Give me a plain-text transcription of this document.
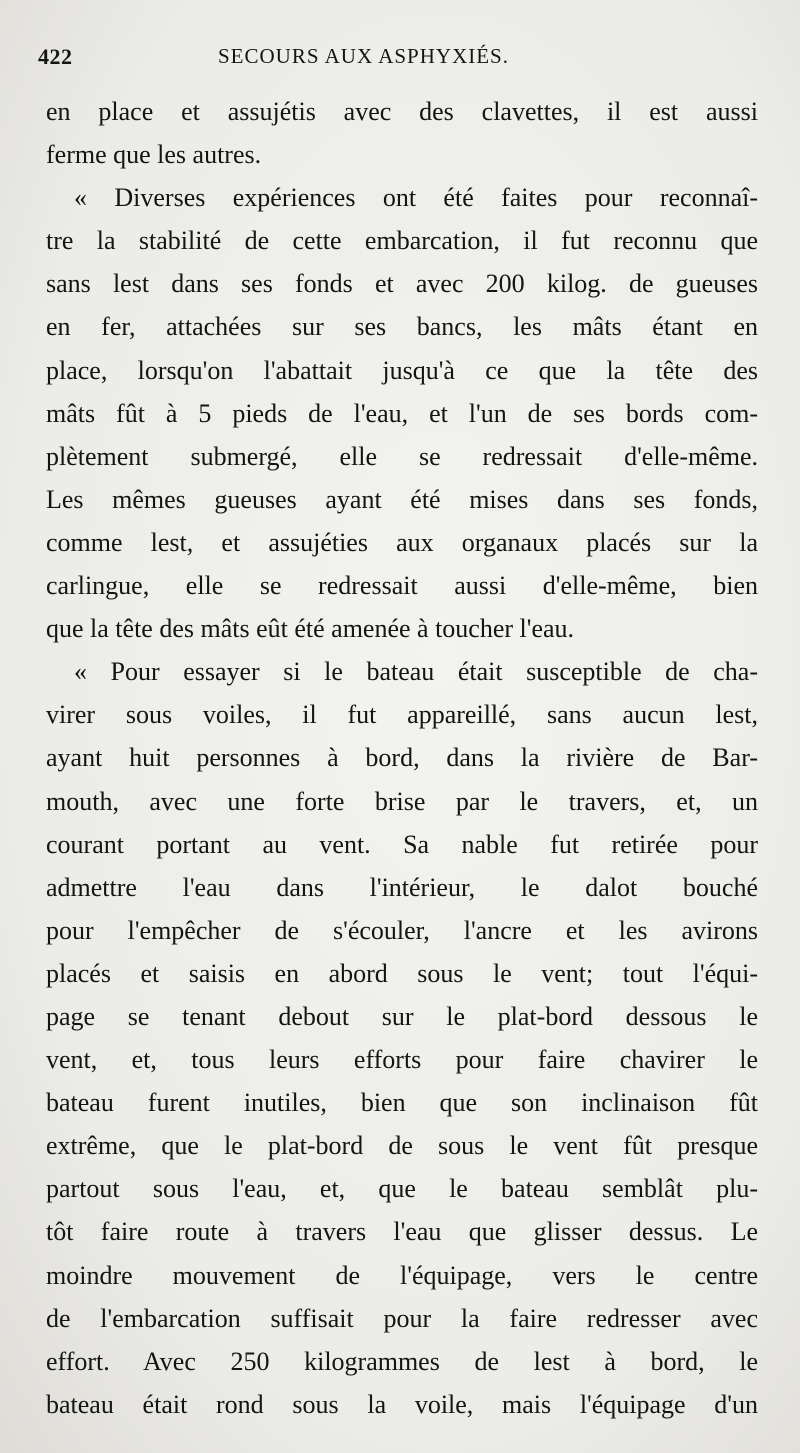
422	SECOURS AUX ASPHYXIÉS.
en place et assujétis avec des clavettes, il est aussi
ferme que les autres.
« Diverses expériences ont été faites pour reconnaî-
tre la stabilité de cette embarcation, il fut reconnu que
sans lest dans ses fonds et avec 200 kilog. de gueuses
en fer, attachées sur ses bancs, les mâts étant en
place, lorsqu'on l'abattait jusqu'à ce que la tête des
mâts fût à 5 pieds de l'eau, et l'un de ses bords com-
plètement submergé, elle se redressait d'elle-même.
Les mêmes gueuses ayant été mises dans ses fonds,
comme lest, et assujéties aux organaux placés sur la
carlingue, elle se redressait aussi d'elle-même, bien
que la tête des mâts eût été amenée à toucher l'eau.
« Pour essayer si le bateau était susceptible de cha-
virer sous voiles, il fut appareillé, sans aucun lest,
ayant huit personnes à bord, dans la rivière de Bar-
mouth, avec une forte brise par le travers, et, un
courant portant au vent. Sa nable fut retirée pour
admettre l'eau dans l'intérieur, le dalot bouché
pour l'empêcher de s'écouler, l'ancre et les avirons
placés et saisis en abord sous le vent; tout l'équi-
page se tenant debout sur le plat-bord dessous le
vent, et, tous leurs efforts pour faire chavirer le
bateau furent inutiles, bien que son inclinaison fût
extrême, que le plat-bord de sous le vent fût presque
partout sous l'eau, et, que le bateau semblât plu-
tôt faire route à travers l'eau que glisser dessus. Le
moindre mouvement de l'équipage, vers le centre
de l'embarcation suffisait pour la faire redresser avec
effort. Avec 250 kilogrammes de lest à bord, le
bateau était rond sous la voile, mais l'équipage d'un
